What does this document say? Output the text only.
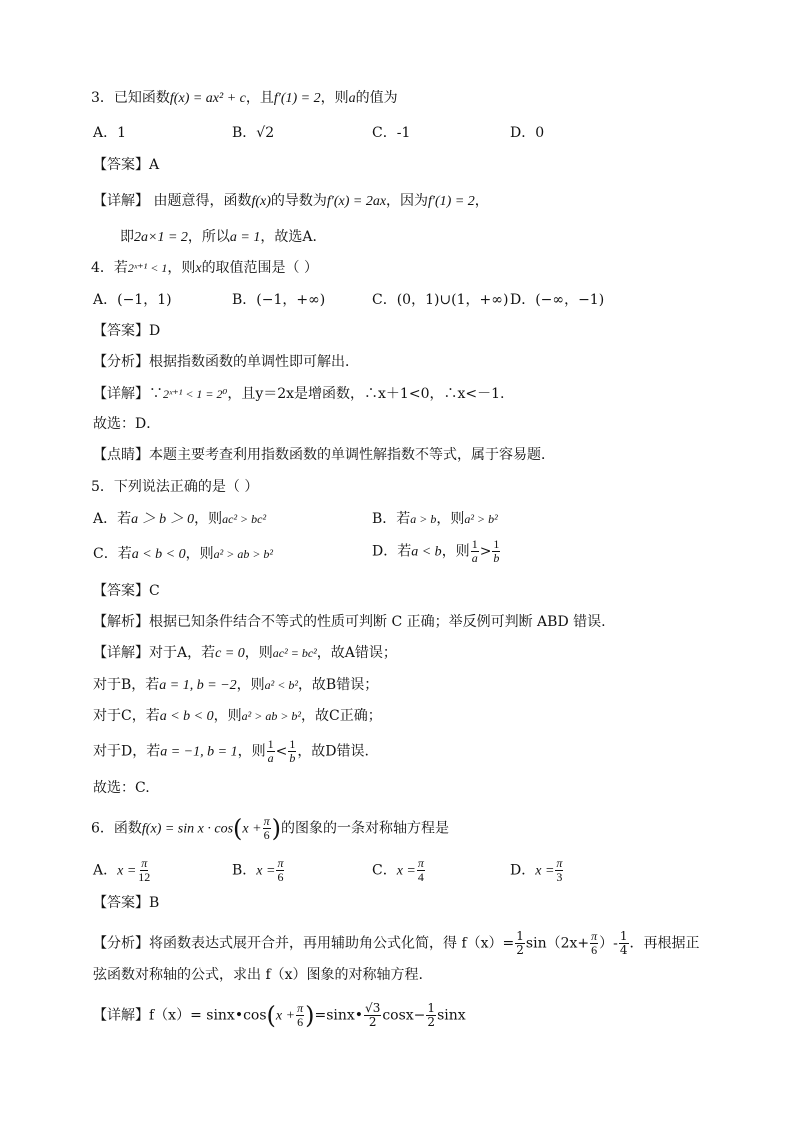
3．已知函数f(x) = ax² + c，且f′(1) = 2，则a的值为
A．1	B．√2	C．-1	D．0
【答案】A
【详解】 由题意得，函数f(x)的导数为f′(x) = 2ax，因为f′(1) = 2，
即2a×1 = 2，所以a = 1，故选A．
4．若2ˣ⁺¹ < 1，则x的取值范围是（ ）
A．(−1，1)	B．(−1，+∞)	C．(0，1)∪(1，+∞) D．(−∞，−1)
【答案】D
【分析】根据指数函数的单调性即可解出．
【详解】∵2ˣ⁺¹ < 1 = 2⁰，且y＝2x是增函数，∴x＋1<0，∴x<－1.
故选：D．
【点睛】本题主要考查利用指数函数的单调性解指数不等式，属于容易题．
5．下列说法正确的是（ ）
A．若a ＞ b ＞ 0，则ac² > bc²	B．若a > b，则a² > b²
C．若a < b < 0，则a² > ab > b²	D．若a < b，则 $\frac{1}{a} > \frac{1}{b}$
【答案】C
【解析】根据已知条件结合不等式的性质可判断 C 正确；举反例可判断 ABD 错误.
【详解】对于A，若c = 0，则ac² = bc²，故A错误；
对于B，若a = 1, b = −2，则a² < b²，故B错误；
对于C，若a < b < 0，则a² > ab > b²，故C正确；
对于D，若a = −1, b = 1，则 $\frac{1}{a} < \frac{1}{b}$ ，故D错误.
故选：C.
6．函数$f(x) = \sin x \cdot \cos(x + \frac{\pi}{6}$ )的图象的一条对称轴方程是
A．$x = \frac{\pi}{12}$	B．$x = \frac{\pi}{6}$	C．$x = \frac{\pi}{4}$	D．$x = \frac{\pi}{3}$
【答案】B
【分析】将函数表达式展开合并，再用辅助角公式化简，得 $f(x)= \frac{1}{2} \sin(2x+ \frac{\pi}{6}$ ）- $\frac{1}{4}$ ．再根据正
弦函数对称轴的公式，求出 f（x）图象的对称轴方程.
【详解】f（x）= sinx•cos(x + $\frac{\pi}{6}$ )=sinx• $\frac{√3}{2} \cos x- \frac{1}{2}$ sinx
